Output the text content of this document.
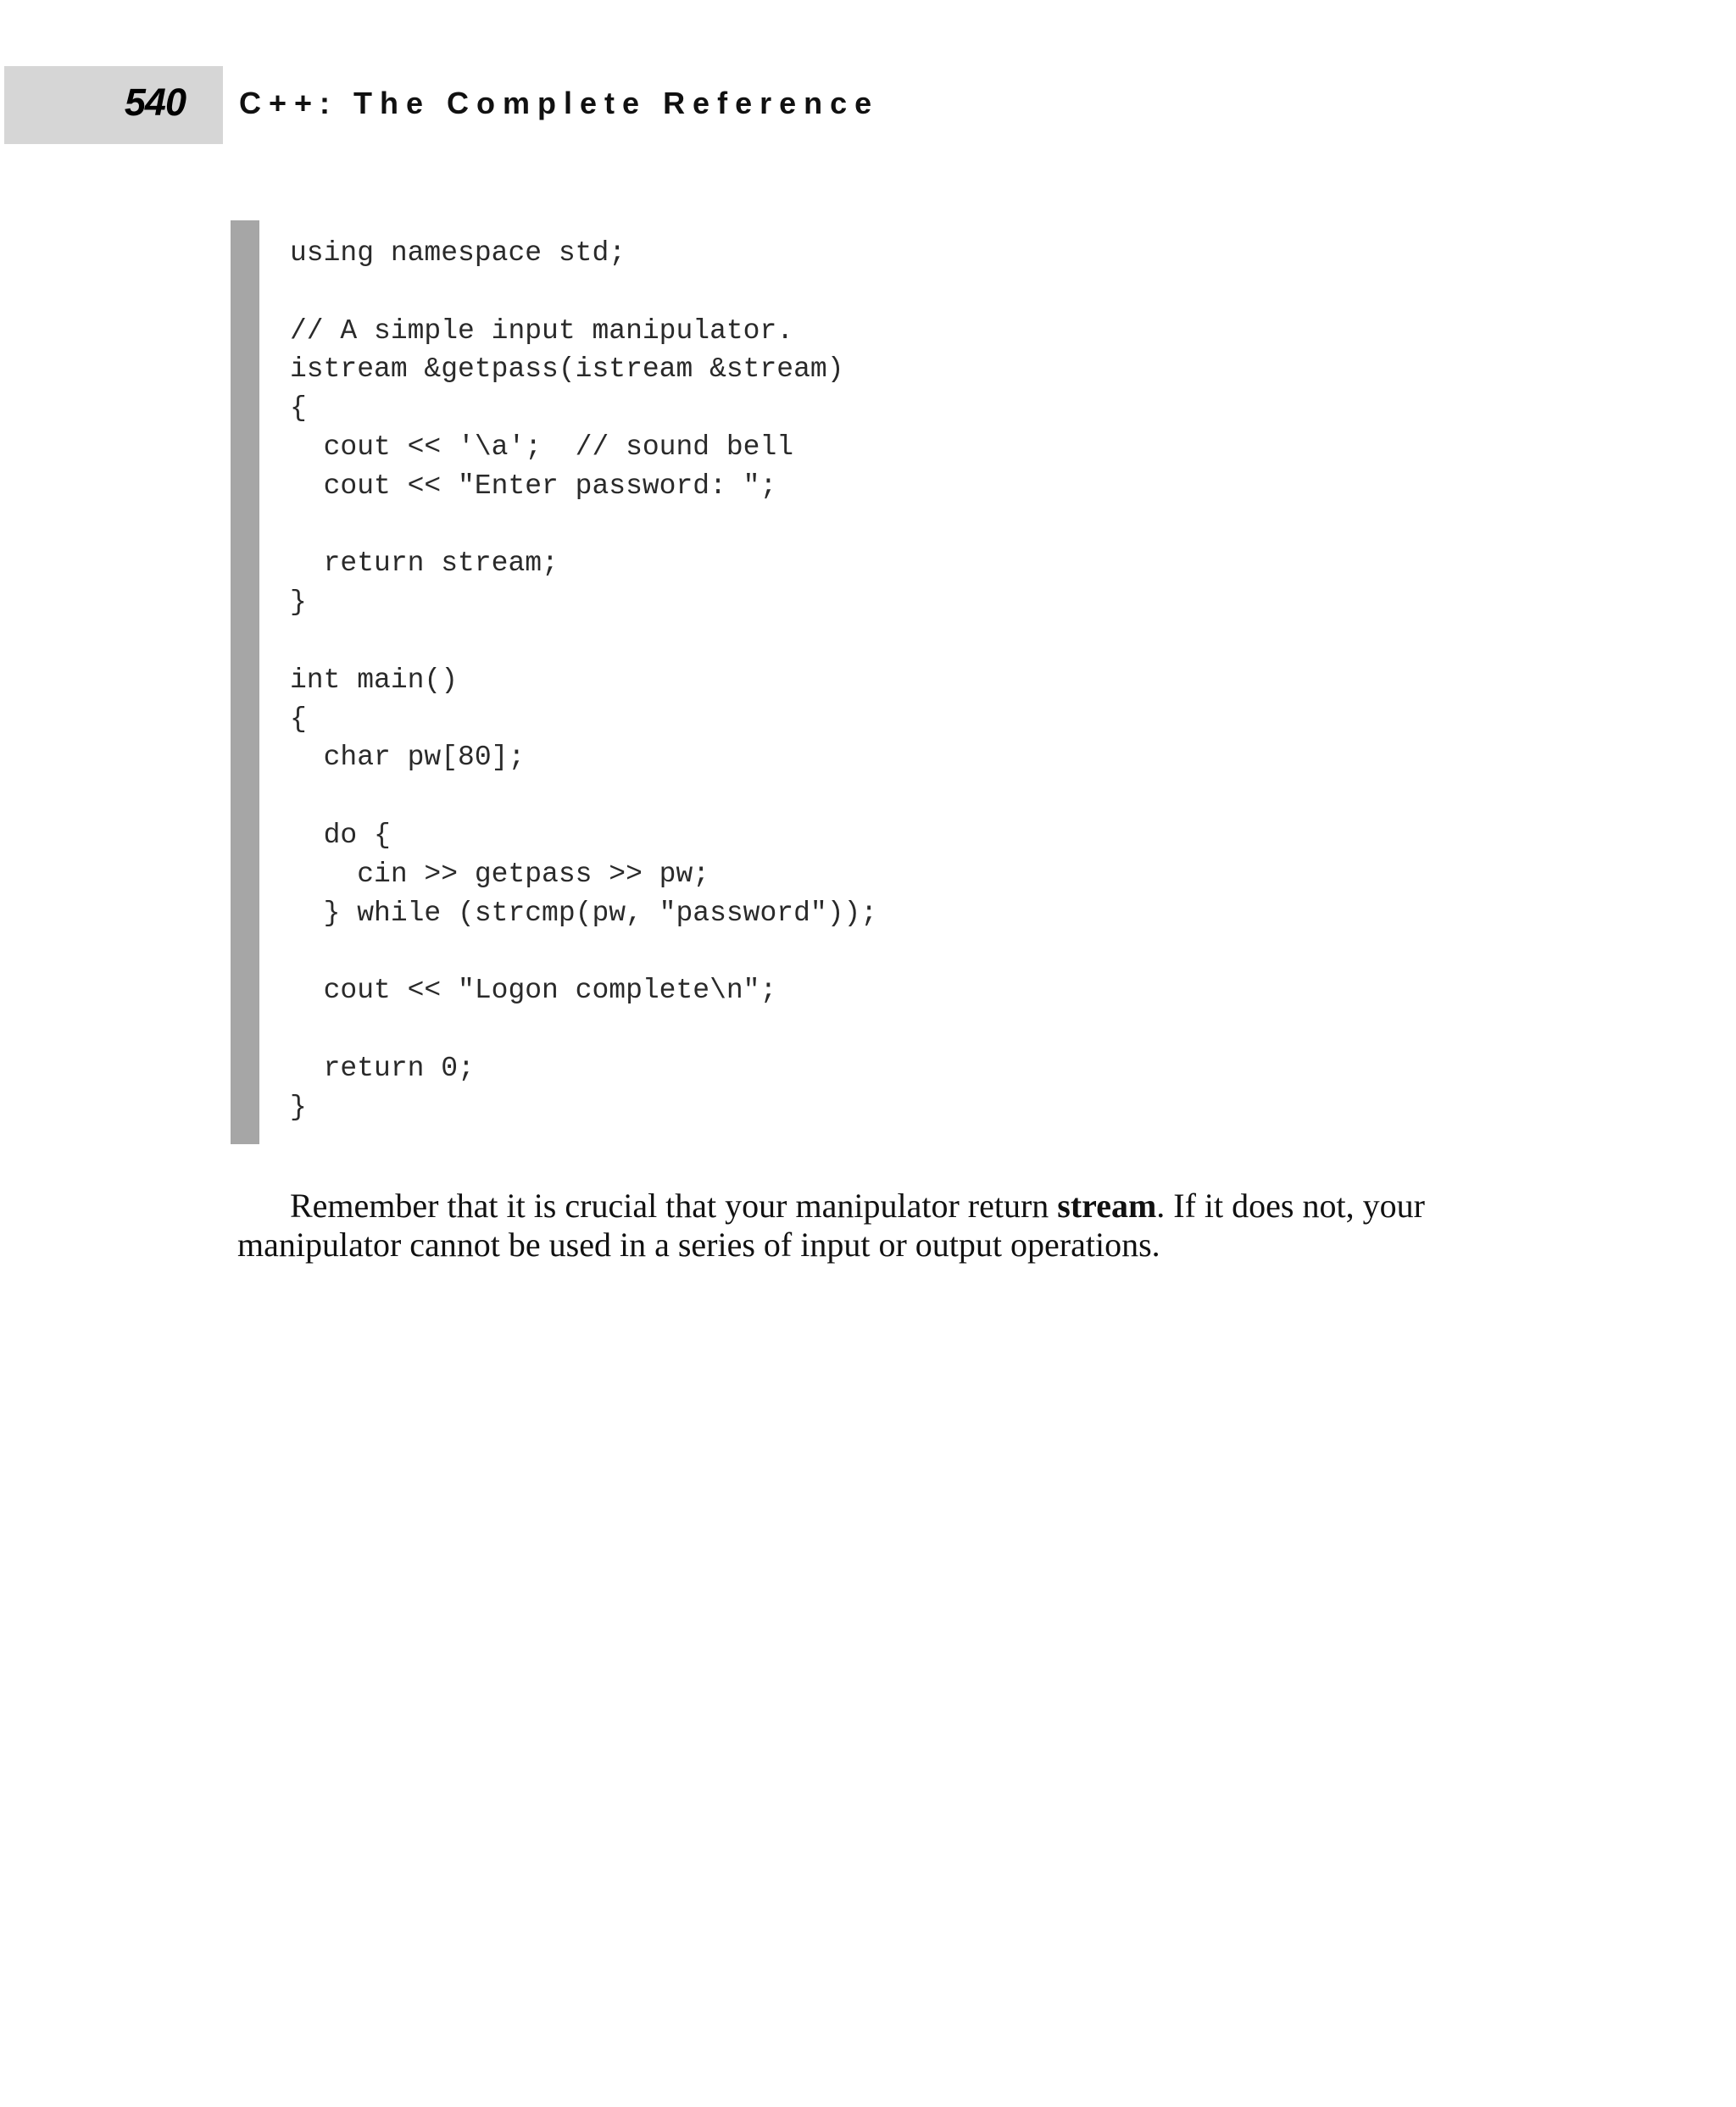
540 C++: The Complete Reference
using namespace std;
// A simple input manipulator.
istream &getpass(istream &stream)
{
cout << '\a';  // sound bell
cout << "Enter password: ";
return stream;
}
int main()
{
char pw[80];
do {
cin >> getpass >> pw;
} while (strcmp(pw, "password"));
cout << "Logon complete\n";
return 0;
}

Remember that it is crucial that your manipulator return stream. If it does not, your manipulator cannot be used in a series of input or output operations.
